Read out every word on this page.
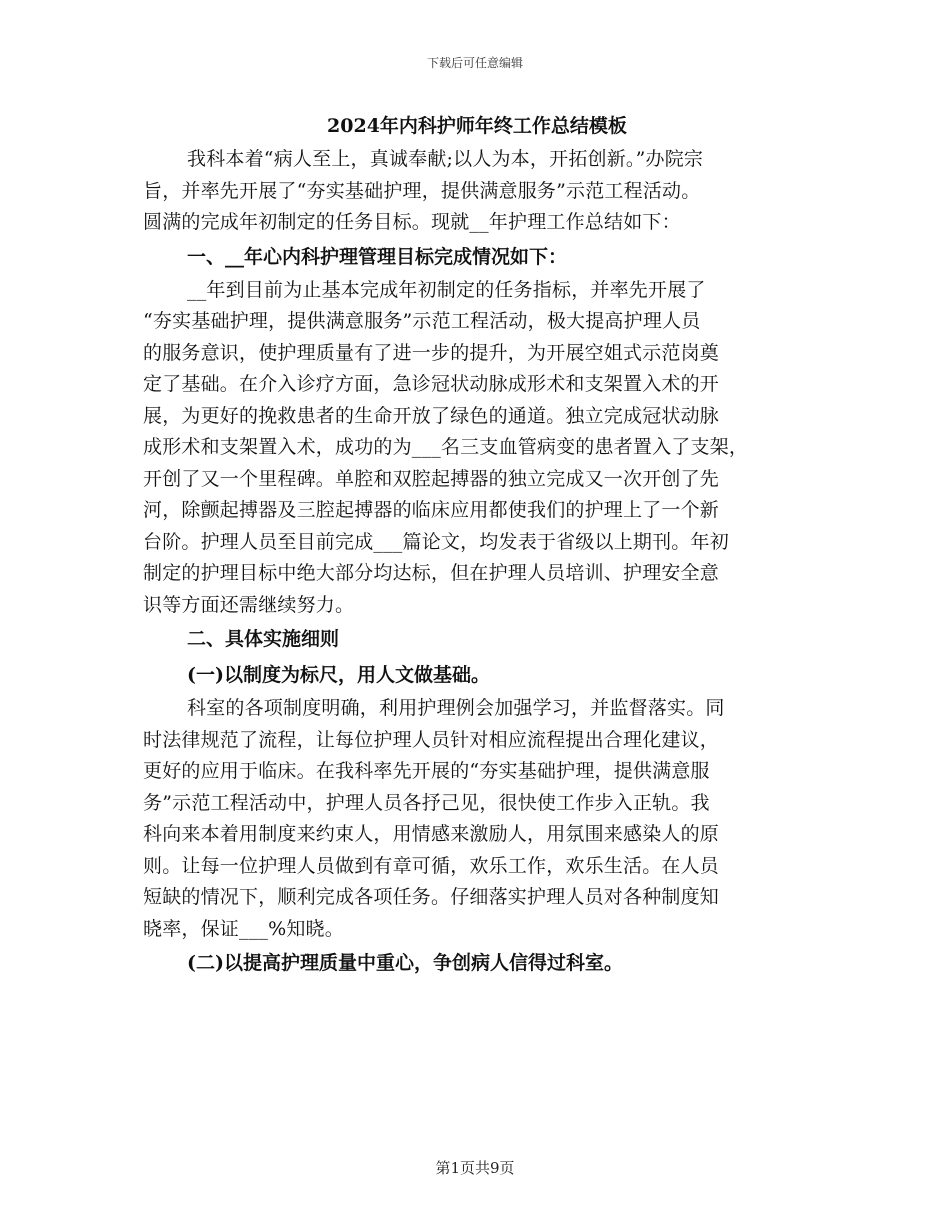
下载后可任意编辑
2024年内科护师年终工作总结模板
我科本着“病人至上，真诚奉献;以人为本，开拓创新。”办院宗
旨，并率先开展了“夯实基础护理，提供满意服务”示范工程活动。
圆满的完成年初制定的任务目标。现就__年护理工作总结如下：
一、__年心内科护理管理目标完成情况如下：
__年到目前为止基本完成年初制定的任务指标，并率先开展了
“夯实基础护理，提供满意服务”示范工程活动，极大提高护理人员
的服务意识，使护理质量有了进一步的提升，为开展空姐式示范岗奠
定了基础。在介入诊疗方面，急诊冠状动脉成形术和支架置入术的开
展，为更好的挽救患者的生命开放了绿色的通道。独立完成冠状动脉
成形术和支架置入术，成功的为___名三支血管病变的患者置入了支架，
开创了又一个里程碑。单腔和双腔起搏器的独立完成又一次开创了先
河，除颤起搏器及三腔起搏器的临床应用都使我们的护理上了一个新
台阶。护理人员至目前完成___篇论文，均发表于省级以上期刊。年初
制定的护理目标中绝大部分均达标，但在护理人员培训、护理安全意
识等方面还需继续努力。
二、具体实施细则
(一)以制度为标尺，用人文做基础。
科室的各项制度明确，利用护理例会加强学习，并监督落实。同
时法律规范了流程，让每位护理人员针对相应流程提出合理化建议，
更好的应用于临床。在我科率先开展的“夯实基础护理，提供满意服
务”示范工程活动中，护理人员各抒己见，很快使工作步入正轨。我
科向来本着用制度来约束人，用情感来激励人，用氛围来感染人的原
则。让每一位护理人员做到有章可循，欢乐工作，欢乐生活。在人员
短缺的情况下，顺利完成各项任务。仔细落实护理人员对各种制度知
晓率，保证___%知晓。
(二)以提高护理质量中重心，争创病人信得过科室。
第1页共9页
